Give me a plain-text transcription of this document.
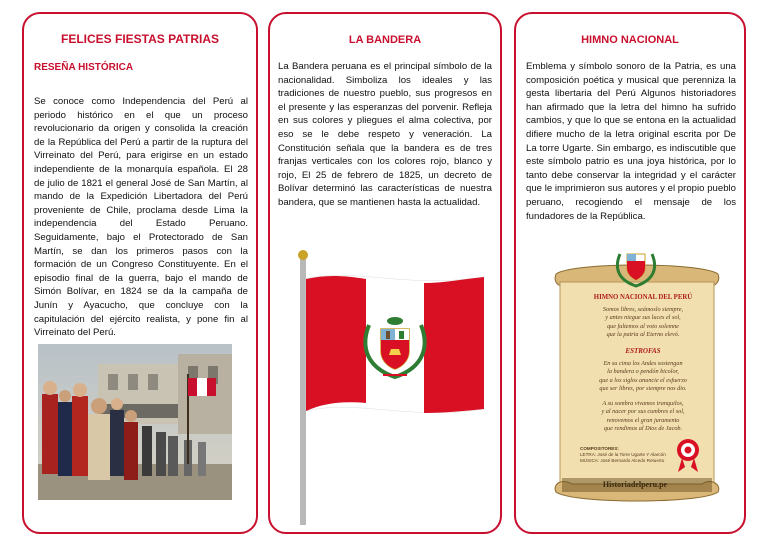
FELICES FIESTAS PATRIAS
RESEÑA HISTÓRICA
Se conoce como Independencia del Perú al periodo histórico en el que un proceso revolucionario da origen y consolida la creación de la República del Perú a partir de la ruptura del Virreinato del Perú, para erigirse en un estado independiente de la monarquía española. El 28 de julio de 1821 el general José de San Martín, al mando de la Expedición Libertadora del Perú proveniente de Chile, proclama desde Lima la independencia del Estado Peruano. Seguidamente, bajo el Protectorado de San Martín, se dan los primeros pasos con la formación de un Congreso Constituyente. En el episodio final de la guerra, bajo el mando de Simón Bolívar, en 1824 se da la campaña de Junín y Ayacucho, que concluye con la capitulación del ejército realista, y pone fin al Virreinato del Perú.
LA BANDERA
La Bandera peruana es el principal símbolo de la nacionalidad. Simboliza los ideales y las tradiciones de nuestro pueblo, sus progresos en el presente y las esperanzas del porvenir. Refleja en sus colores y pliegues el alma colectiva, por eso se le debe respeto y veneración. La Constitución señala que la bandera es de tres franjas verticales con los colores rojo, blanco y rojo, El 25 de febrero de 1825, un decreto de Bolívar determinó las características de nuestra bandera, que se mantienen hasta la actualidad.
HIMNO NACIONAL
Emblema y símbolo sonoro de la Patria, es una composición poética y musical que perenniza la gesta libertaria del Perú Algunos historiadores han afirmado que la letra del himno ha sufrido cambios, y que lo que se entona en la actualidad difiere mucho de la letra original escrita por De La torre Ugarte. Sin embargo, es indiscutible que este símbolo patrio es una joya histórica, por lo tanto debe conservar la integridad y el carácter que le imprimieron sus autores y el propio pueblo peruano, recogiendo el mensaje de los fundadores de la República.
HIMNO NACIONAL DEL PERÚ
Somos libres, seámoslo siempre,
y antes niegue sus luces el sol,
que faltemos al voto solemne
que la patria al Eterno elevó.
ESTROFAS
En su cima los Andes sostengan
la bandera o pendón bicolor,
que a los siglos anuncie el esfuerzo
que ser libres, por siempre nos dio.
A su sombra vivamos tranquilos,
y al nacer por sus cumbres el sol,
renovemos el gran juramento
que rendimos al Dios de Jacob.
COMPOSITORES:
LETRA: José de la Torre Ugarte Y Alarcón
MÚSICA: José Bernardo Alcedo Retuerto
Historiadelperu.pe
